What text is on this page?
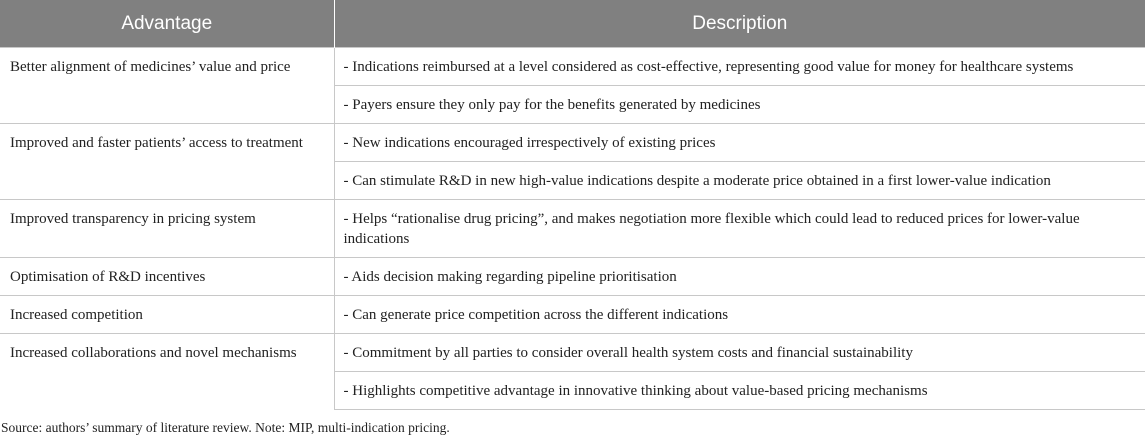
Advantage	Description
Better alignment of medicines’ value and price	- Indications reimbursed at a level considered as cost-effective, representing good value for money for healthcare systems
	- Payers ensure they only pay for the benefits generated by medicines
Improved and faster patients’ access to treatment	- New indications encouraged irrespectively of existing prices
	- Can stimulate R&D in new high-value indications despite a moderate price obtained in a first lower-value indication
Improved transparency in pricing system	- Helps “rationalise drug pricing”, and makes negotiation more flexible which could lead to reduced prices for lower-value indications
Optimisation of R&D incentives	- Aids decision making regarding pipeline prioritisation
Increased competition	- Can generate price competition across the different indications
Increased collaborations and novel mechanisms	- Commitment by all parties to consider overall health system costs and financial sustainability
	- Highlights competitive advantage in innovative thinking about value-based pricing mechanisms
Source: authors’ summary of literature review. Note: MIP, multi-indication pricing.
